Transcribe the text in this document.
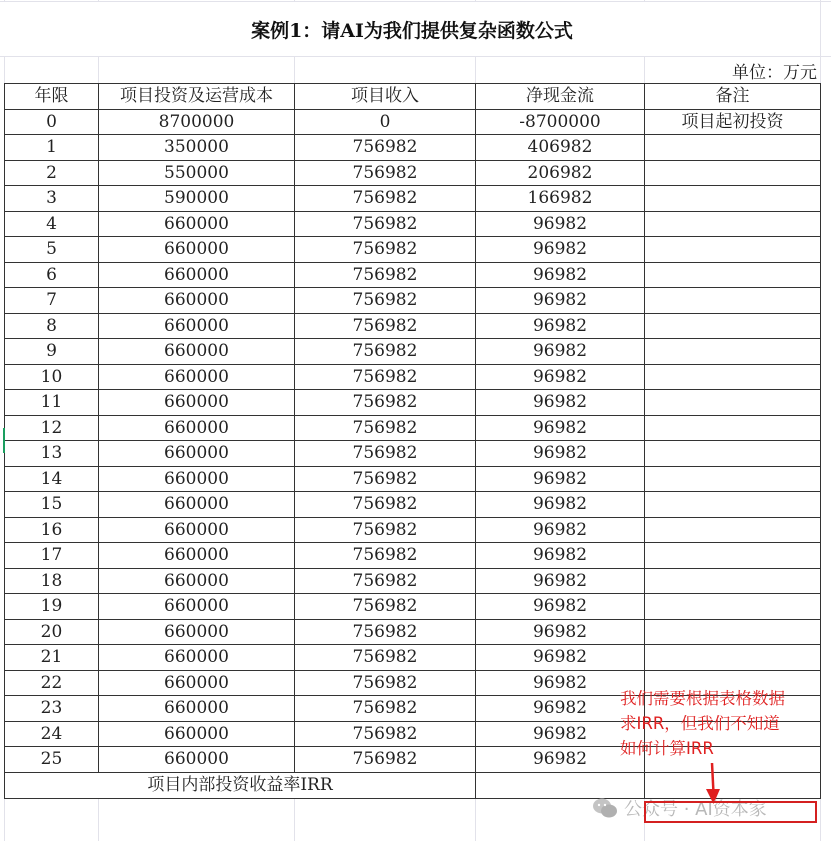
案例1：请AI为我们提供复杂函数公式
单位：万元
年限	项目投资及运营成本	项目收入	净现金流	备注
0	8700000	0	-8700000	项目起初投资
1	350000	756982	406982	
2	550000	756982	206982	
3	590000	756982	166982	
4	660000	756982	96982	
5	660000	756982	96982	
6	660000	756982	96982	
7	660000	756982	96982	
8	660000	756982	96982	
9	660000	756982	96982	
10	660000	756982	96982	
11	660000	756982	96982	
12	660000	756982	96982	
13	660000	756982	96982	
14	660000	756982	96982	
15	660000	756982	96982	
16	660000	756982	96982	
17	660000	756982	96982	
18	660000	756982	96982	
19	660000	756982	96982	
20	660000	756982	96982	
21	660000	756982	96982	
22	660000	756982	96982	
23	660000	756982	96982	
24	660000	756982	96982	
25	660000	756982	96982	
项目内部投资收益率IRR				
我们需要根据表格数据
求IRR，但我们不知道
如何计算IRR
公众号 · AI资本家
